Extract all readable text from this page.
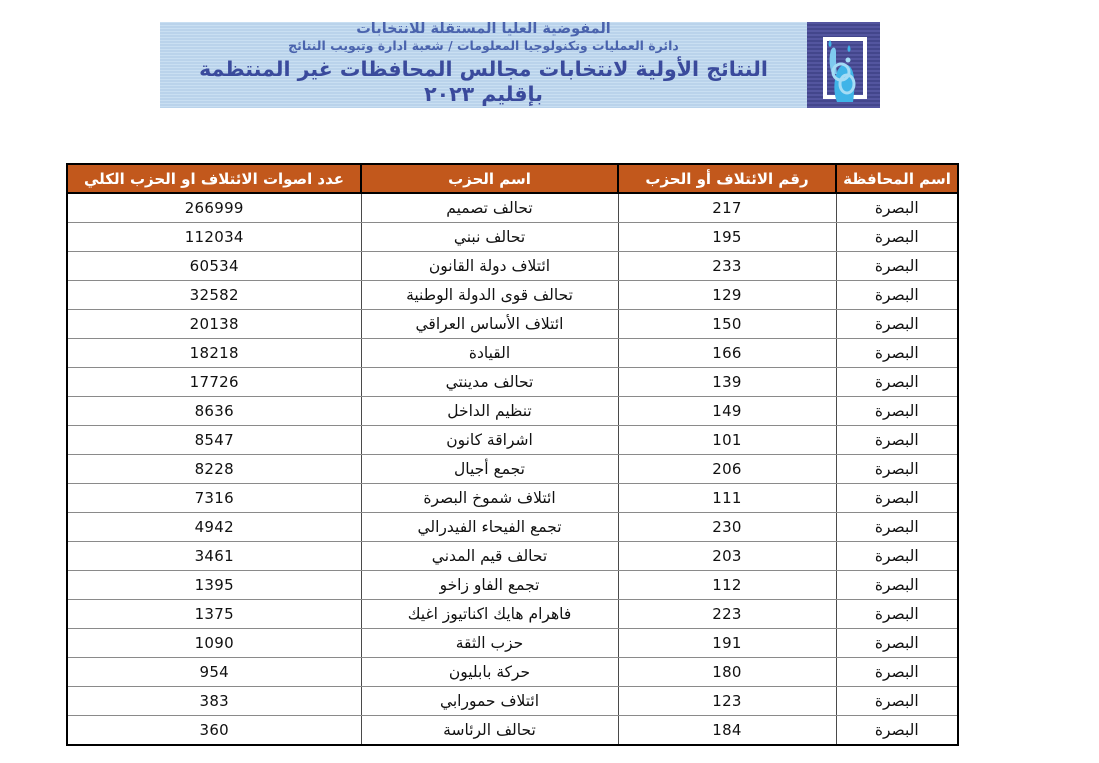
المفوضية العليا المستقلة للانتخابات
دائرة العمليات وتكنولوجيا المعلومات / شعبة ادارة وتبويب النتائج
النتائج الأولية لانتخابات مجالس المحافظات غير المنتظمة بإقليم ٢٠٢٣
اسم المحافظة	رقم الائتلاف أو الحزب	اسم الحزب	عدد اصوات الائتلاف او الحزب الكلي
البصرة	217	تحالف تصميم	266999
البصرة	195	تحالف نبني	112034
البصرة	233	ائتلاف دولة القانون	60534
البصرة	129	تحالف قوى الدولة الوطنية	32582
البصرة	150	ائتلاف الأساس العراقي	20138
البصرة	166	القيادة	18218
البصرة	139	تحالف مدينتي	17726
البصرة	149	تنظيم الداخل	8636
البصرة	101	اشراقة كانون	8547
البصرة	206	تجمع أجيال	8228
البصرة	111	ائتلاف شموخ البصرة	7316
البصرة	230	تجمع الفيحاء الفيدرالي	4942
البصرة	203	تحالف قيم المدني	3461
البصرة	112	تجمع الفاو زاخو	1395
البصرة	223	فاهرام هايك اكناتيوز اغيك	1375
البصرة	191	حزب الثقة	1090
البصرة	180	حركة بابليون	954
البصرة	123	ائتلاف حمورابي	383
البصرة	184	تحالف الرئاسة	360
